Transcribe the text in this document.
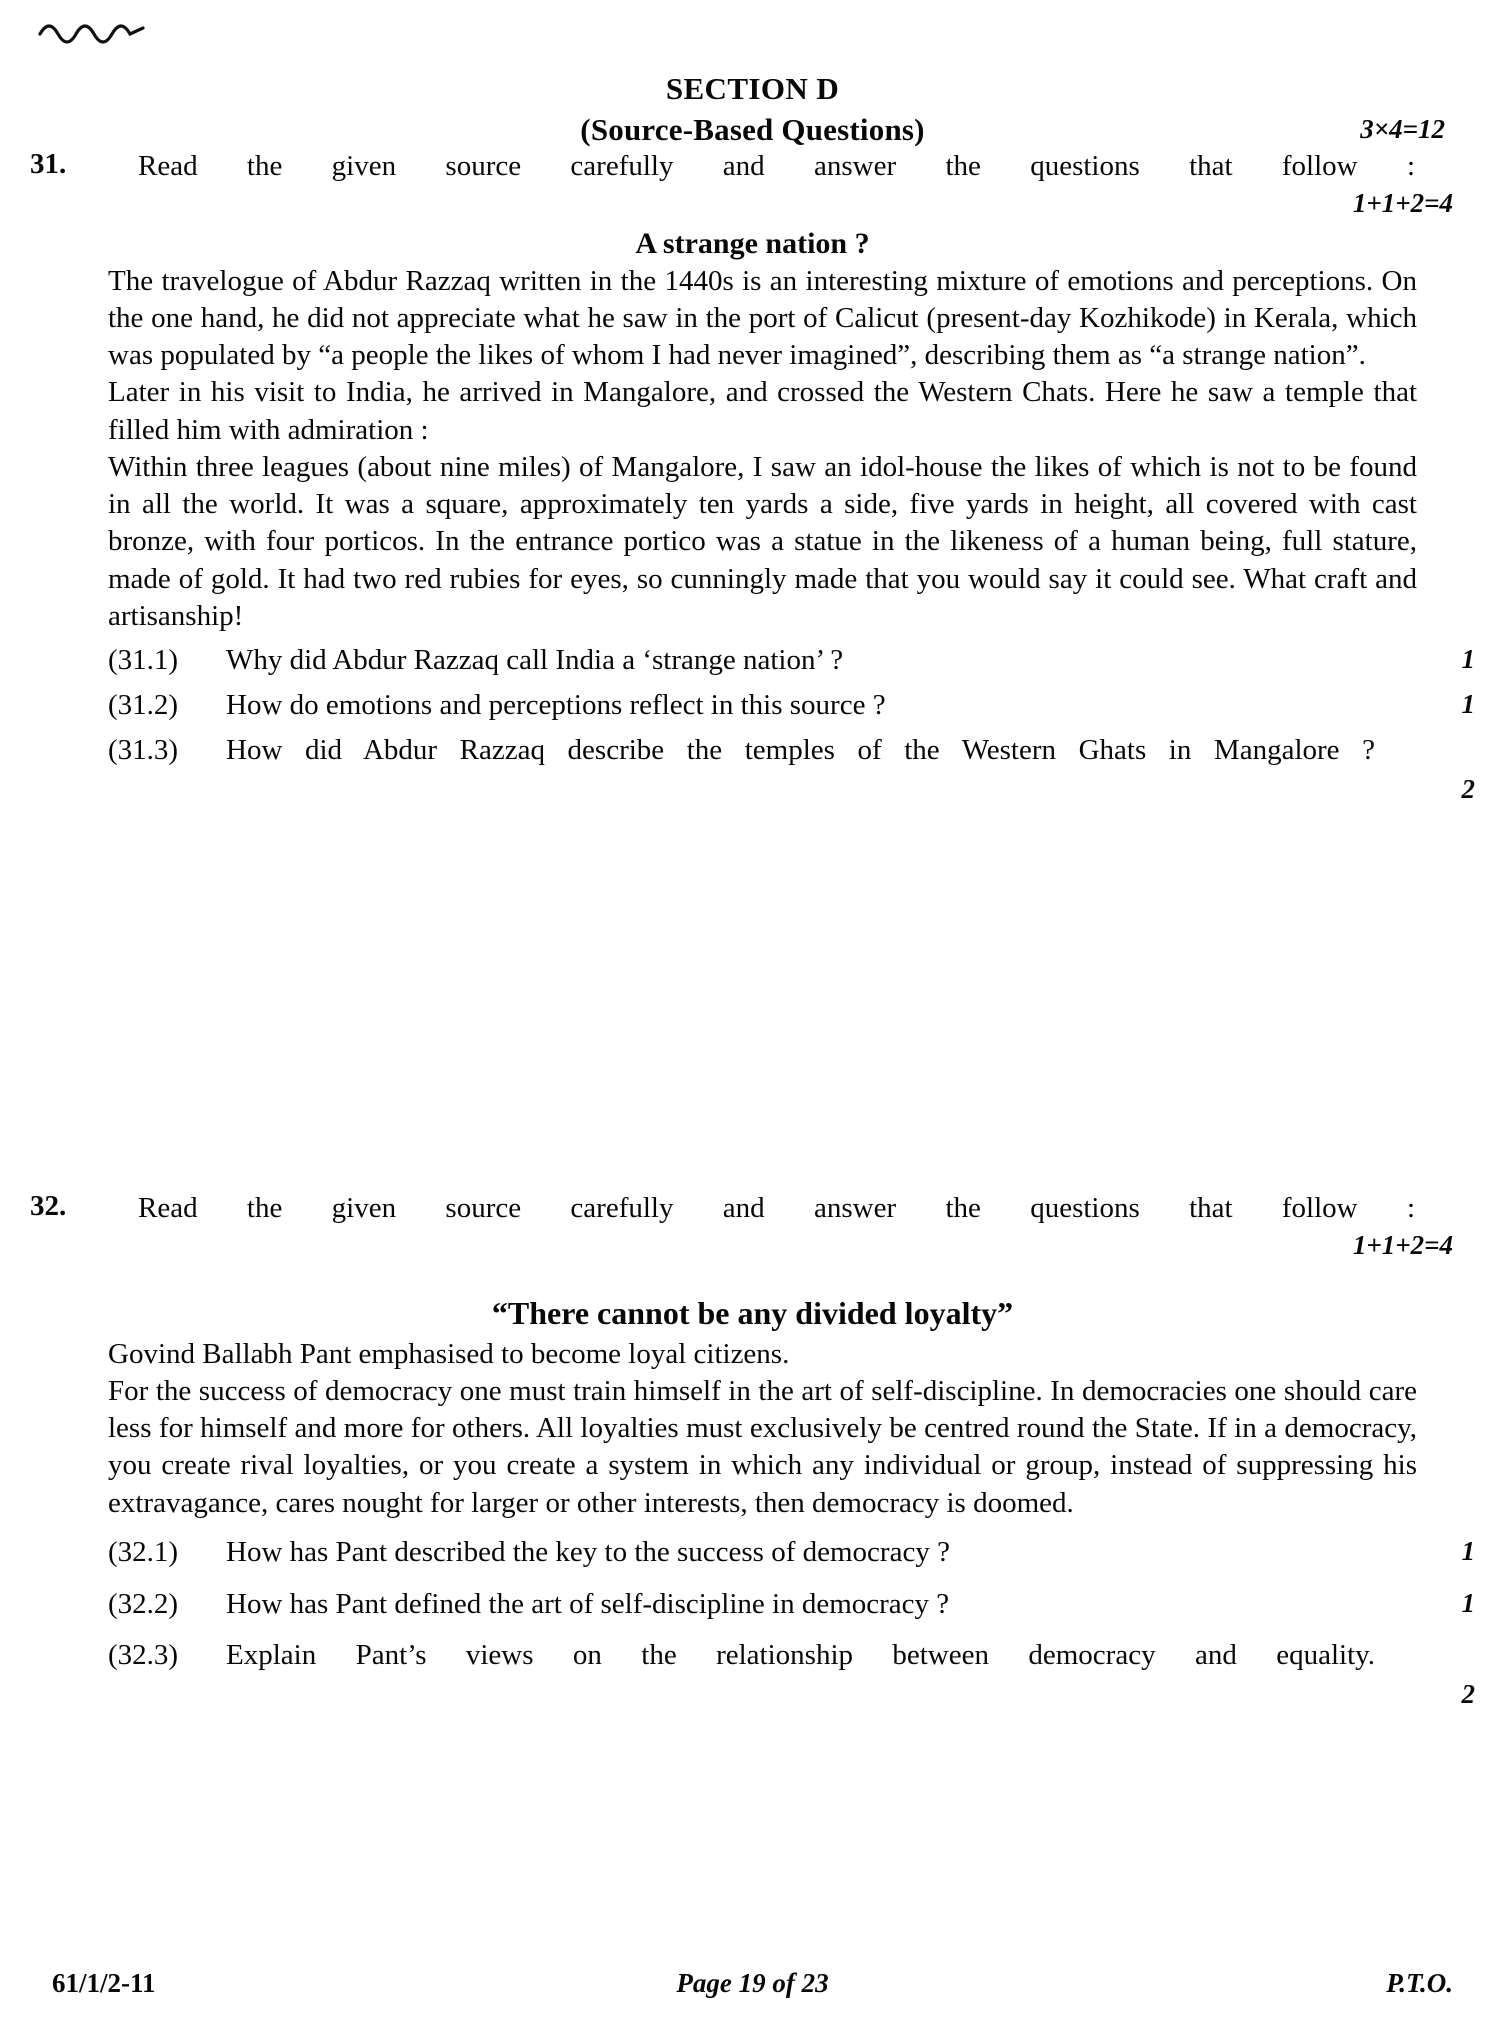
SECTION D
(Source-Based Questions)	3×4=12
31.	Read the given source carefully and answer the questions that follow :
1+1+2=4
A strange nation ?

The travelogue of Abdur Razzaq written in the 1440s is an interesting mixture of emotions and perceptions. On the one hand, he did not appreciate what he saw in the port of Calicut (present-day Kozhikode) in Kerala, which was populated by “a people the likes of whom I had never imagined”, describing them as “a strange nation”.

Later in his visit to India, he arrived in Mangalore, and crossed the Western Chats. Here he saw a temple that filled him with admiration :

Within three leagues (about nine miles) of Mangalore, I saw an idol-house the likes of which is not to be found in all the world. It was a square, approximately ten yards a side, five yards in height, all covered with cast bronze, with four porticos. In the entrance portico was a statue in the likeness of a human being, full stature, made of gold. It had two red rubies for eyes, so cunningly made that you would say it could see. What craft and artisanship!

(31.1)	Why did Abdur Razzaq call India a ‘strange nation’ ?	1
(31.2)	How do emotions and perceptions reflect in this source ?	1
(31.3)	How did Abdur Razzaq describe the temples of the Western Ghats in Mangalore ?
2
32.	Read the given source carefully and answer the questions that follow :
1+1+2=4
“There cannot be any divided loyalty”

Govind Ballabh Pant emphasised to become loyal citizens.

For the success of democracy one must train himself in the art of self-discipline. In democracies one should care less for himself and more for others. All loyalties must exclusively be centred round the State. If in a democracy, you create rival loyalties, or you create a system in which any individual or group, instead of suppressing his extravagance, cares nought for larger or other interests, then democracy is doomed.

(32.1)	How has Pant described the key to the success of democracy ?	1
(32.2)	How has Pant defined the art of self-discipline in democracy ?	1
(32.3)	Explain Pant’s views on the relationship between democracy and equality.
2
61/1/2-11	Page 19 of 23	P.T.O.
